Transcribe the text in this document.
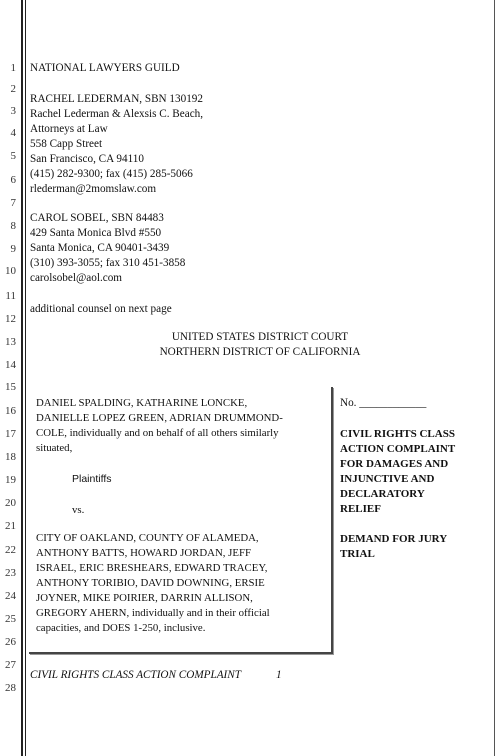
1
2
3
4
5
6
7
8
9
10
11
12
13
14
15
16
17
18
19
20
21
22
23
24
25
26
27
28
NATIONAL LAWYERS GUILD
RACHEL LEDERMAN, SBN 130192
Rachel Lederman & Alexsis C. Beach,
Attorneys at Law
558 Capp Street
San Francisco, CA 94110
(415) 282-9300; fax (415) 285-5066
rlederman@2momslaw.com
CAROL SOBEL, SBN 84483
429 Santa Monica Blvd #550
Santa Monica, CA 90401-3439
(310) 393-3055; fax 310 451-3858
carolsobel@aol.com
additional counsel on next page
UNITED STATES DISTRICT COURT
NORTHERN DISTRICT OF CALIFORNIA
DANIEL SPALDING, KATHARINE LONCKE,
DANIELLE LOPEZ GREEN, ADRIAN DRUMMOND-
COLE, individually and on behalf of all others similarly
situated,
Plaintiffs
vs.
CITY OF OAKLAND, COUNTY OF ALAMEDA,
ANTHONY BATTS, HOWARD JORDAN, JEFF
ISRAEL, ERIC BRESHEARS, EDWARD TRACEY,
ANTHONY TORIBIO, DAVID DOWNING, ERSIE
JOYNER, MIKE POIRIER, DARRIN ALLISON,
GREGORY AHERN, individually and in their official
capacities, and DOES 1-250, inclusive.
No. ____________
CIVIL RIGHTS CLASS
ACTION COMPLAINT
FOR DAMAGES AND
INJUNCTIVE AND
DECLARATORY
RELIEF
DEMAND FOR JURY
TRIAL
CIVIL RIGHTS CLASS ACTION COMPLAINT	1
